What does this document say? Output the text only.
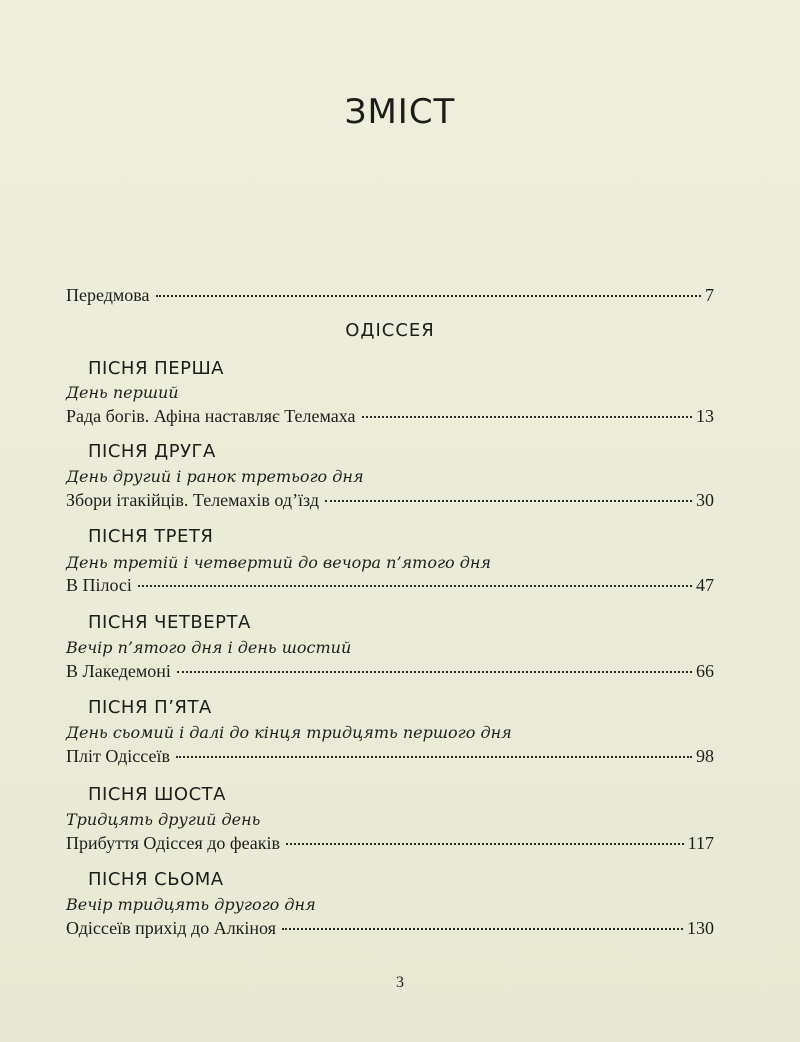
ЗМІСТ
Передмова	7
ОДІССЕЯ
ПІСНЯ ПЕРША
День перший
Рада богів. Афіна наставляє Телемаха	13
ПІСНЯ ДРУГА
День другий і ранок третього дня
Збори ітакійців. Телемахів од’їзд	30
ПІСНЯ ТРЕТЯ
День третій і четвертий до вечора п’ятого дня
В Пілосі	47
ПІСНЯ ЧЕТВЕРТА
Вечір п’ятого дня і день шостий
В Лакедемоні	66
ПІСНЯ П’ЯТА
День сьомий і далі до кінця тридцять першого дня
Пліт Одіссеїв	98
ПІСНЯ ШОСТА
Тридцять другий день
Прибуття Одіссея до феаків	117
ПІСНЯ СЬОМА
Вечір тридцять другого дня
Одіссеїв прихід до Алкіноя	130
3
